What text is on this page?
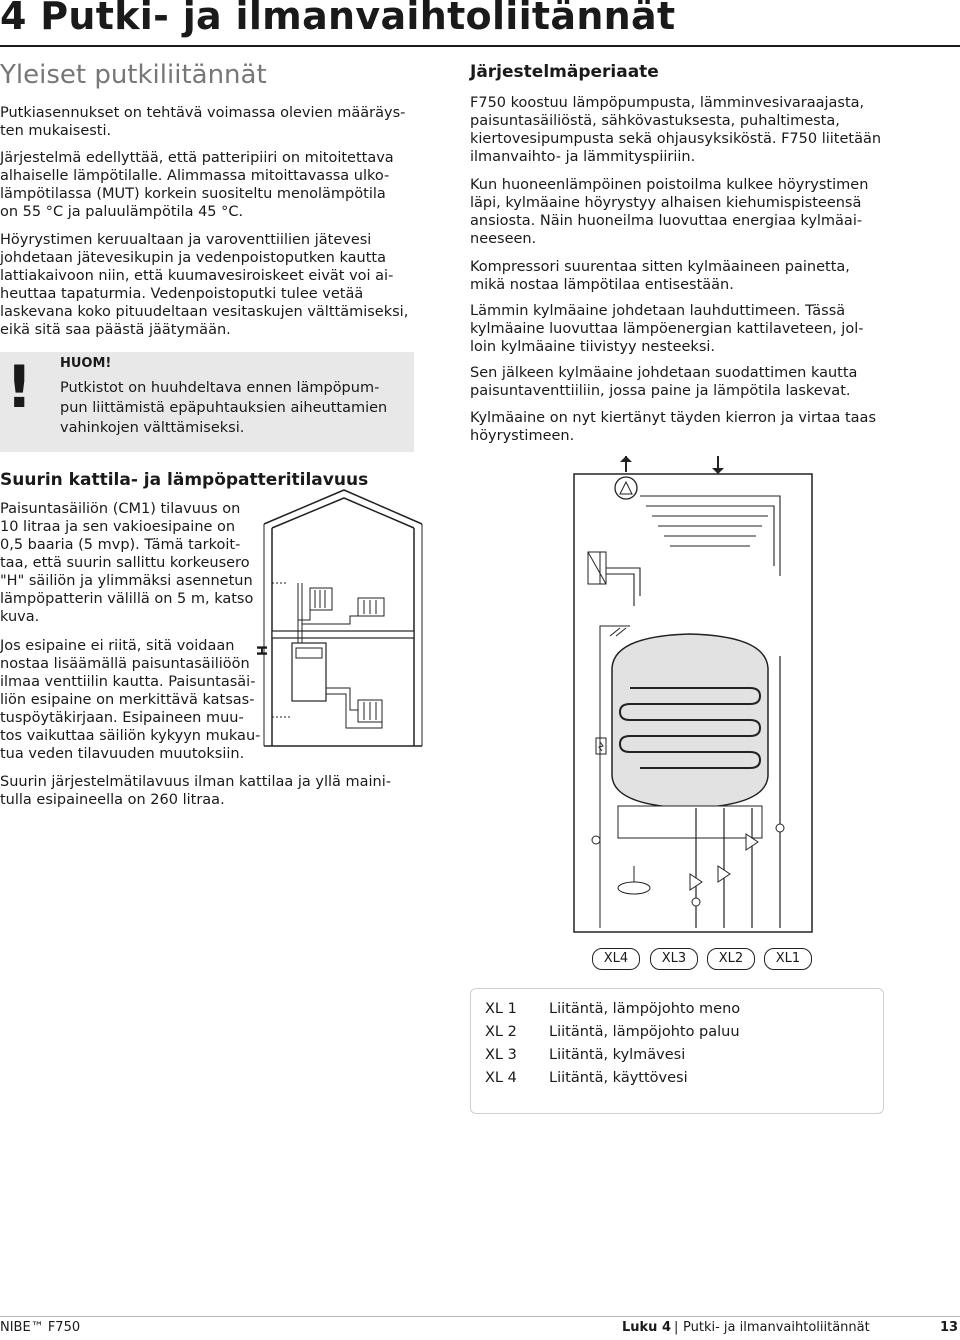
4 Putki- ja ilmanvaihtoliitännät
Yleiset putkiliitännät
Putkiasennukset on tehtävä voimassa olevien määräys-
ten mukaisesti.
Järjestelmä edellyttää, että patteripiiri on mitoitettava
alhaiselle lämpötilalle. Alimmassa mitoittavassa ulko-
lämpötilassa (MUT) korkein suositeltu menolämpötila
on 55 °C ja paluulämpötila 45 °C.
Höyrystimen keruualtaan ja varoventtiilien jätevesi
johdetaan jätevesikupin ja vedenpoistoputken kautta
lattiakaivoon niin, että kuumavesiroiskeet eivät voi ai-
heuttaa tapaturmia. Vedenpoistoputki tulee vetää
laskevana koko pituudeltaan vesitaskujen välttämiseksi,
eikä sitä saa päästä jäätymään.
! HUOM!
Putkistot on huuhdeltava ennen lämpöpum-
pun liittämistä epäpuhtauksien aiheuttamien
vahinkojen välttämiseksi.
Suurin kattila- ja lämpöpatteritilavuus
Paisuntasäiliön (CM1) tilavuus on
10 litraa ja sen vakioesipaine on
0,5 baaria (5 mvp). Tämä tarkoit-
taa, että suurin sallittu korkeusero
"H" säiliön ja ylimmäksi asennetun
lämpöpatterin välillä on 5 m, katso
kuva.
Jos esipaine ei riitä, sitä voidaan
nostaa lisäämällä paisuntasäiliöön
ilmaa venttiilin kautta. Paisuntasäi-
liön esipaine on merkittävä katsas-
tuspöytäkirjaan. Esipaineen muu-
tos vaikuttaa säiliön kykyyn mukau-
tua veden tilavuuden muutoksiin.
Suurin järjestelmätilavuus ilman kattilaa ja yllä maini-
tulla esipaineella on 260 litraa.
H
Järjestelmäperiaate
F750 koostuu lämpöpumpusta, lämminvesivaraajasta,
paisuntasäiliöstä, sähkövastuksesta, puhaltimesta,
kiertovesipumpusta sekä ohjausyksiköstä. F750 liitetään
ilmanvaihto- ja lämmityspiiriin.
Kun huoneenlämpöinen poistoilma kulkee höyrystimen
läpi, kylmäaine höyrystyy alhaisen kiehumispisteensä
ansiosta. Näin huoneilma luovuttaa energiaa kylmäai-
neeseen.
Kompressori suurentaa sitten kylmäaineen painetta,
mikä nostaa lämpötilaa entisestään.
Lämmin kylmäaine johdetaan lauhduttimeen. Tässä
kylmäaine luovuttaa lämpöenergian kattilaveteen, jol-
loin kylmäaine tiivistyy nesteeksi.
Sen jälkeen kylmäaine johdetaan suodattimen kautta
paisuntaventtiiliin, jossa paine ja lämpötila laskevat.
Kylmäaine on nyt kiertänyt täyden kierron ja virtaa taas
höyrystimeen.
XL4	XL3	XL2	XL1
XL 1 Liitäntä, lämpöjohto meno
XL 2 Liitäntä, lämpöjohto paluu
XL 3 Liitäntä, kylmävesi
XL 4 Liitäntä, käyttövesi
NIBE™ F750	Luku 4 | Putki- ja ilmanvaihtoliitännät	13
